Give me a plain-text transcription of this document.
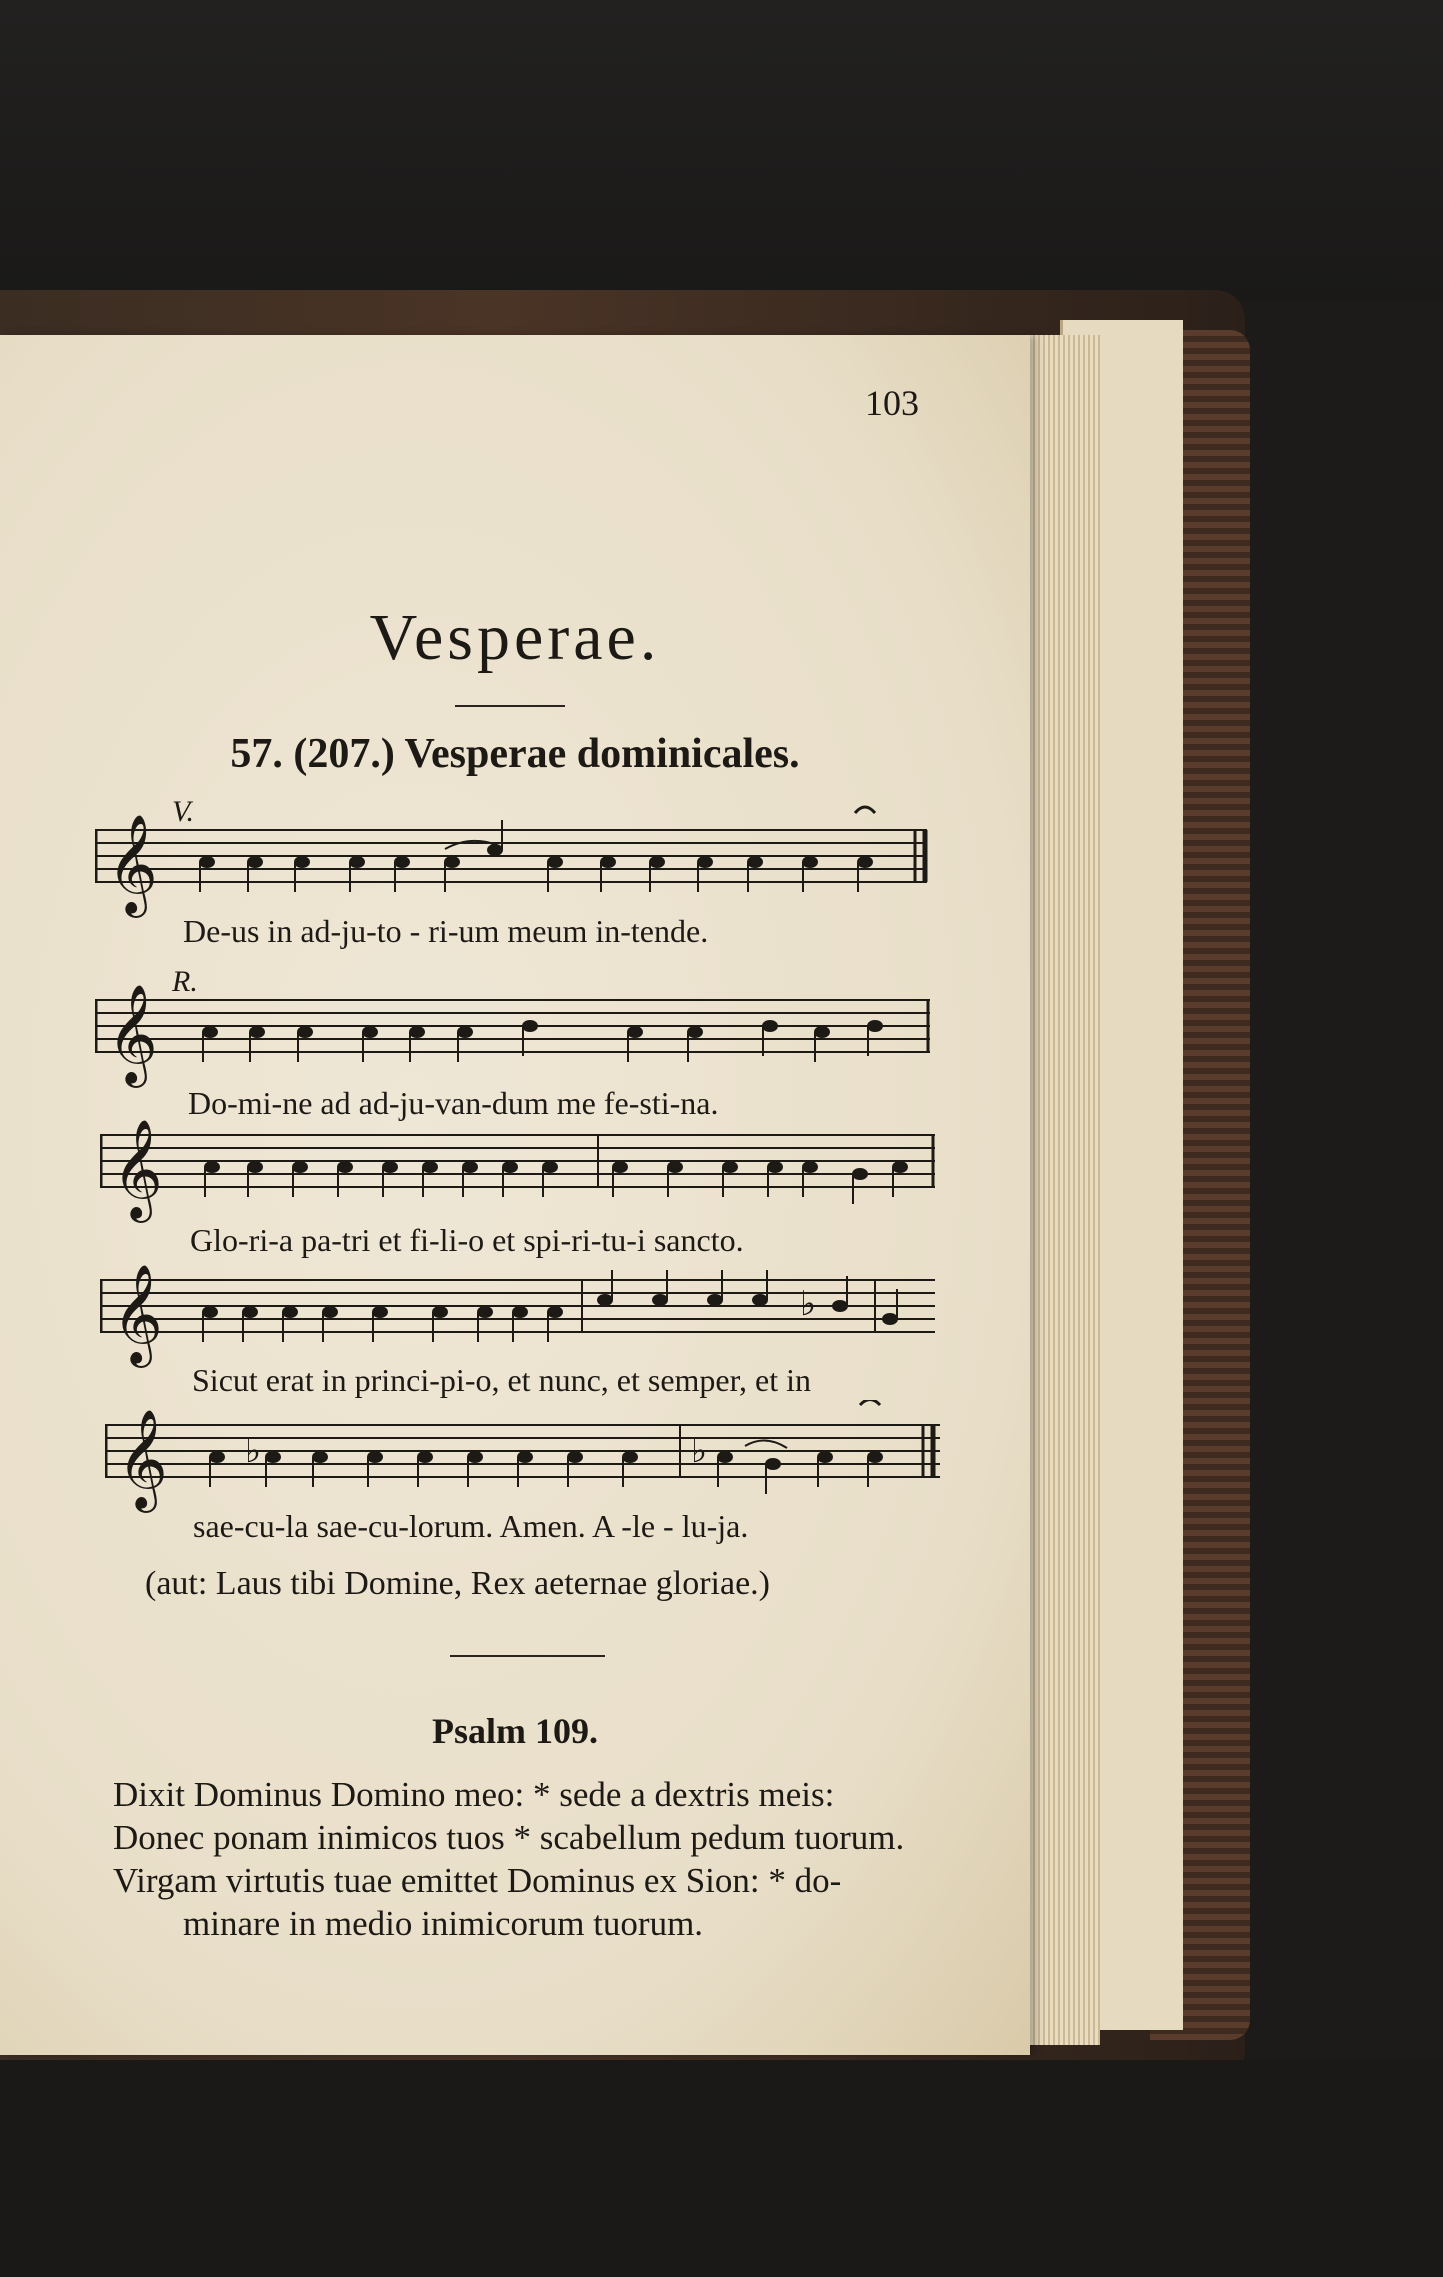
103
Vesperae.
57. (207.) Vesperae dominicales.
V.
R.
𝄞
De-us in ad-ju-to - ri-um meum in-tende.
𝄞
Do-mi-ne ad ad-ju-van-dum me fe-sti-na.
𝄞
Glo-ri-a pa-tri et fi-li-o et spi-ri-tu-i sancto.
𝄞	♭
Sicut erat in princi-pi-o, et nunc, et semper, et in
𝄞 ♭	♭
sae-cu-la sae-cu-lorum. Amen. A -le - lu-ja.
(aut: Laus tibi Domine, Rex aeternae gloriae.)
Psalm 109.
Dixit Dominus Domino meo: * sede a dextris meis:
Donec ponam inimicos tuos * scabellum pedum tuorum.
Virgam virtutis tuae emittet Dominus ex Sion: * do-
minare in medio inimicorum tuorum.
